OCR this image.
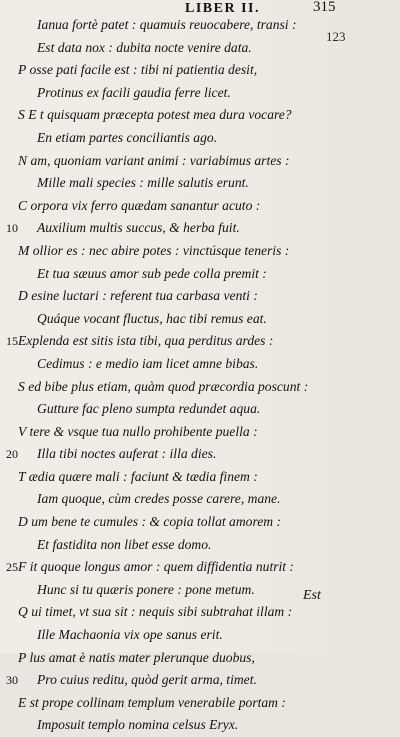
LIBER II.	315
123
Ianua fortè patet : quamuis reuocabere, transi :
Est data nox : dubita nocte venire data.
P osse pati facile est : tibi ni patientia desit,
Protinus ex facili gaudia ferre licet.
S E t quisquam præcepta potest mea dura vocare?
En etiam partes conciliantis ago.
N am, quoniam variant animi : variabimus artes :
Mille mali species : mille salutis erunt.
C orpora vix ferro quædam sanantur acuto :
10 Auxilium multis succus, & herba fuit.
M ollior es : nec abire potes : vinctúsque teneris :
Et tua sæuus amor sub pede colla premit :
D esine luctari : referent tua carbasa venti :
Quáque vocant fluctus, hac tibi remus eat.
15 Explenda est sitis ista tibi, qua perditus ardes :
Cedimus : e medio iam licet amne bibas.
S ed bibe plus etiam, quàm quod præcordia poscunt :
Gutture fac pleno sumpta redundet aqua.
V tere & vsque tua nullo prohibente puella :
20 Illa tibi noctes auferat : illa dies.
T ædia quære mali : faciunt & tædia finem :
Iam quoque, cùm credes posse carere, mane.
D um bene te cumules : & copia tollat amorem :
Et fastidita non libet esse domo.
25 F it quoque longus amor : quem diffidentia nutrit :
Hunc si tu quæris ponere : pone metum.
Q ui timet, vt sua sit : nequis sibi subtrahat illam :
Ille Machaonia vix ope sanus erit.
P lus amat è natis mater plerunque duobus,
30 Pro cuius reditu, quòd gerit arma, timet.
E st prope collinam templum venerabile portam :
Imposuit templo nomina celsus Eryx.
Est
